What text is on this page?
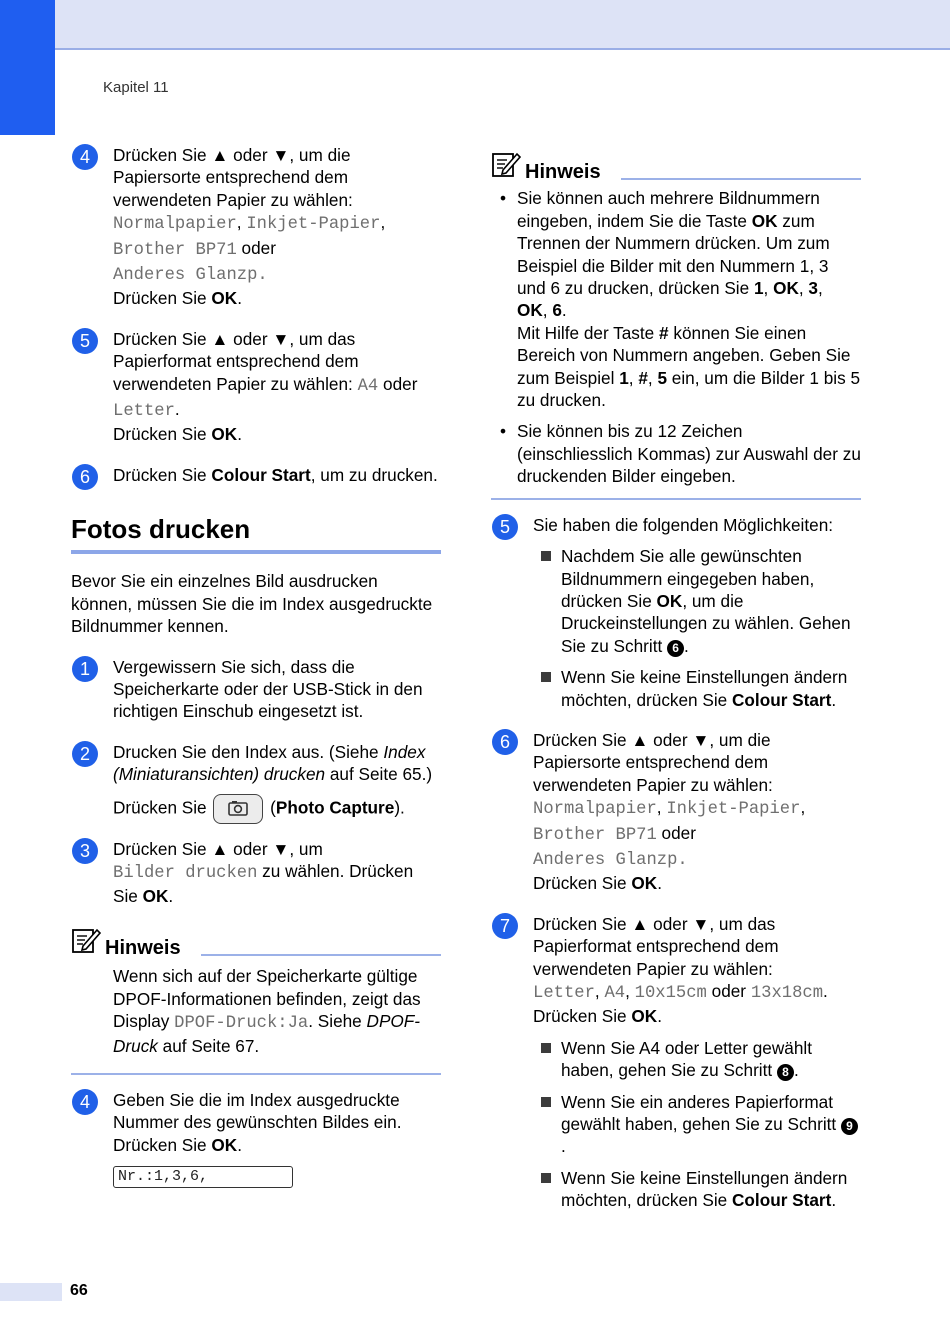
Kapitel 11
4	Drücken Sie ▲ oder ▼, um die Papiersorte entsprechend dem verwendeten Papier zu wählen:
Normalpapier, Inkjet-Papier,
Brother BP71 oder
Anderes Glanzp.
Drücken Sie OK.
5	Drücken Sie ▲ oder ▼, um das Papierformat entsprechend dem verwendeten Papier zu wählen: A4 oder
Letter.
Drücken Sie OK.
6	Drücken Sie Colour Start, um zu drucken.
Fotos drucken
Bevor Sie ein einzelnes Bild ausdrucken können, müssen Sie die im Index ausgedruckte Bildnummer kennen.
1	Vergewissern Sie sich, dass die Speicherkarte oder der USB-Stick in den richtigen Einschub eingesetzt ist.
2	Drucken Sie den Index aus. (Siehe Index (Miniaturansichten) drucken auf Seite 65.)
Drücken Sie	(Photo Capture).
3	Drücken Sie ▲ oder ▼, um
Bilder drucken zu wählen. Drücken Sie OK.
Hinweis
Wenn sich auf der Speicherkarte gültige DPOF-Informationen befinden, zeigt das Display DPOF-Druck:Ja. Siehe DPOF-Druck auf Seite 67.
4	Geben Sie die im Index ausgedruckte Nummer des gewünschten Bildes ein.
Drücken Sie OK.
Nr.:1,3,6,
Hinweis
• Sie können auch mehrere Bildnummern eingeben, indem Sie die Taste OK zum Trennen der Nummern drücken. Um zum Beispiel die Bilder mit den Nummern 1, 3 und 6 zu drucken, drücken Sie 1, OK, 3,
OK, 6.
Mit Hilfe der Taste # können Sie einen Bereich von Nummern angeben. Geben Sie zum Beispiel 1, #, 5 ein, um die Bilder 1 bis 5 zu drucken.
• Sie können bis zu 12 Zeichen (einschliesslich Kommas) zur Auswahl der zu druckenden Bilder eingeben.
5	Sie haben die folgenden Möglichkeiten:
Nachdem Sie alle gewünschten Bildnummern eingegeben haben, drücken Sie OK, um die Druckeinstellungen zu wählen. Gehen Sie zu Schritt 6 .
Wenn Sie keine Einstellungen ändern möchten, drücken Sie Colour Start.
6	Drücken Sie ▲ oder ▼, um die Papiersorte entsprechend dem verwendeten Papier zu wählen:
Normalpapier, Inkjet-Papier,
Brother BP71 oder
Anderes Glanzp.
Drücken Sie OK.
7	Drücken Sie ▲ oder ▼, um das Papierformat entsprechend dem verwendeten Papier zu wählen:
Letter, A4, 10x15cm oder 13x18cm.
Drücken Sie OK.
Wenn Sie A4 oder Letter gewählt haben, gehen Sie zu Schritt 8 .
Wenn Sie ein anderes Papierformat gewählt haben, gehen Sie zu Schritt 9.
Wenn Sie keine Einstellungen ändern möchten, drücken Sie Colour Start.
66
